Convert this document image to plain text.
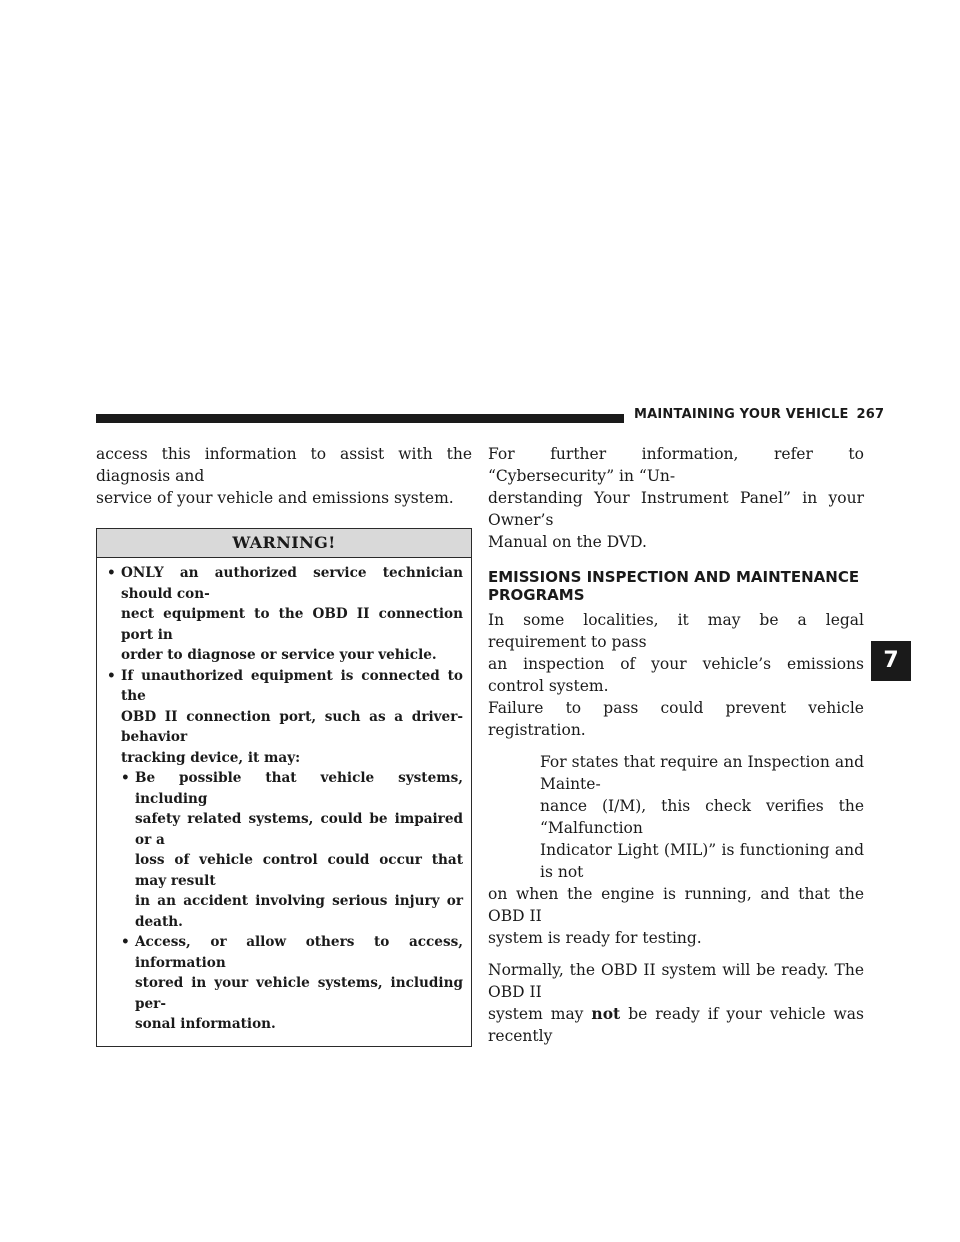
MAINTAINING YOUR VEHICLE 267

access this information to assist with the diagnosis and
service of your vehicle and emissions system.

WARNING!
• ONLY an authorized service technician should con-
nect equipment to the OBD II connection port in
order to diagnose or service your vehicle.
• If unauthorized equipment is connected to the
OBD II connection port, such as a driver-behavior
tracking device, it may:
• Be possible that vehicle systems, including
safety related systems, could be impaired or a
loss of vehicle control could occur that may result
in an accident involving serious injury or death.
• Access, or allow others to access, information
stored in your vehicle systems, including per-
sonal information.

For further information, refer to “Cybersecurity” in “Un-
derstanding Your Instrument Panel” in your Owner’s
Manual on the DVD.

EMISSIONS INSPECTION AND MAINTENANCE
PROGRAMS

In some localities, it may be a legal requirement to pass
an inspection of your vehicle’s emissions control system.
Failure to pass could prevent vehicle registration.

For states that require an Inspection and Mainte-
nance (I/M), this check verifies the “Malfunction
Indicator Light (MIL)” is functioning and is not
on when the engine is running, and that the OBD II
system is ready for testing.

Normally, the OBD II system will be ready. The OBD II
system may not be ready if your vehicle was recently

7
